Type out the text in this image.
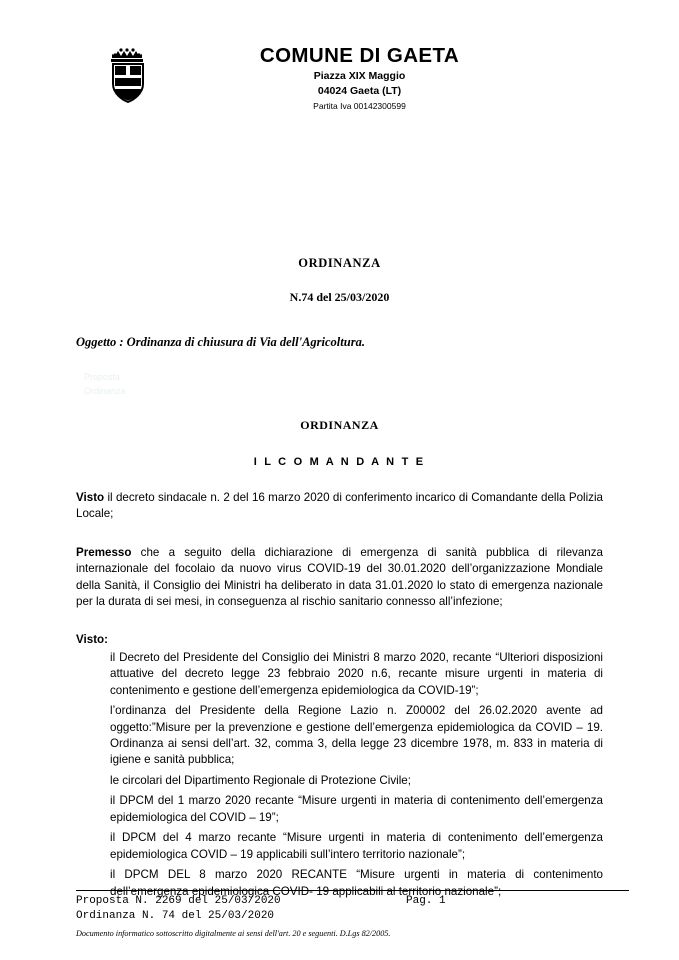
COMUNE DI GAETA
Piazza XIX Maggio
04024 Gaeta (LT)
Partita Iva 00142300599
ORDINANZA
N.74 del 25/03/2020
Oggetto : Ordinanza di chiusura di Via dell'Agricoltura.
Proposta
Ordinanza
ORDINANZA
I L C O M A N D A N T E

Visto il decreto sindacale n. 2 del 16 marzo 2020 di conferimento incarico di Comandante della Polizia Locale;

Premesso che a seguito della dichiarazione di emergenza di sanità pubblica di rilevanza internazionale del focolaio da nuovo virus COVID-19 del 30.01.2020 dell’organizzazione Mondiale della Sanità, il Consiglio dei Ministri ha deliberato in data 31.01.2020 lo stato di emergenza nazionale per la durata di sei mesi, in conseguenza al rischio sanitario connesso all’infezione;

Visto:
il Decreto del Presidente del Consiglio dei Ministri 8 marzo 2020, recante “Ulteriori disposizioni attuative del decreto legge 23 febbraio 2020 n.6, recante misure urgenti in materia di contenimento e gestione dell’emergenza epidemiologica da COVID-19”;
l’ordinanza del Presidente della Regione Lazio n. Z00002 del 26.02.2020 avente ad oggetto:”Misure per la prevenzione e gestione dell’emergenza epidemiologica da COVID – 19. Ordinanza ai sensi dell’art. 32, comma 3, della legge 23 dicembre 1978, m. 833 in materia di igiene e sanità pubblica;
le circolari del Dipartimento Regionale di Protezione Civile;
il DPCM del 1 marzo 2020 recante “Misure urgenti in materia di contenimento dell’emergenza epidemiologica del COVID – 19”;
il DPCM del 4 marzo recante “Misure urgenti in materia di contenimento dell’emergenza epidemiologica COVID – 19 applicabili sull’intero territorio nazionale”;
il DPCM DEL 8 marzo 2020 RECANTE “Misure urgenti in materia di contenimento dell’emergenza epidemiologica COVID- 19 applicabili al territorio nazionale”;
Proposta N. 2269 del 25/03/2020	Pag. 1
Ordinanza N. 74 del 25/03/2020
Documento informatico sottoscritto digitalmente ai sensi dell'art. 20 e seguenti. D.Lgs 82/2005.
